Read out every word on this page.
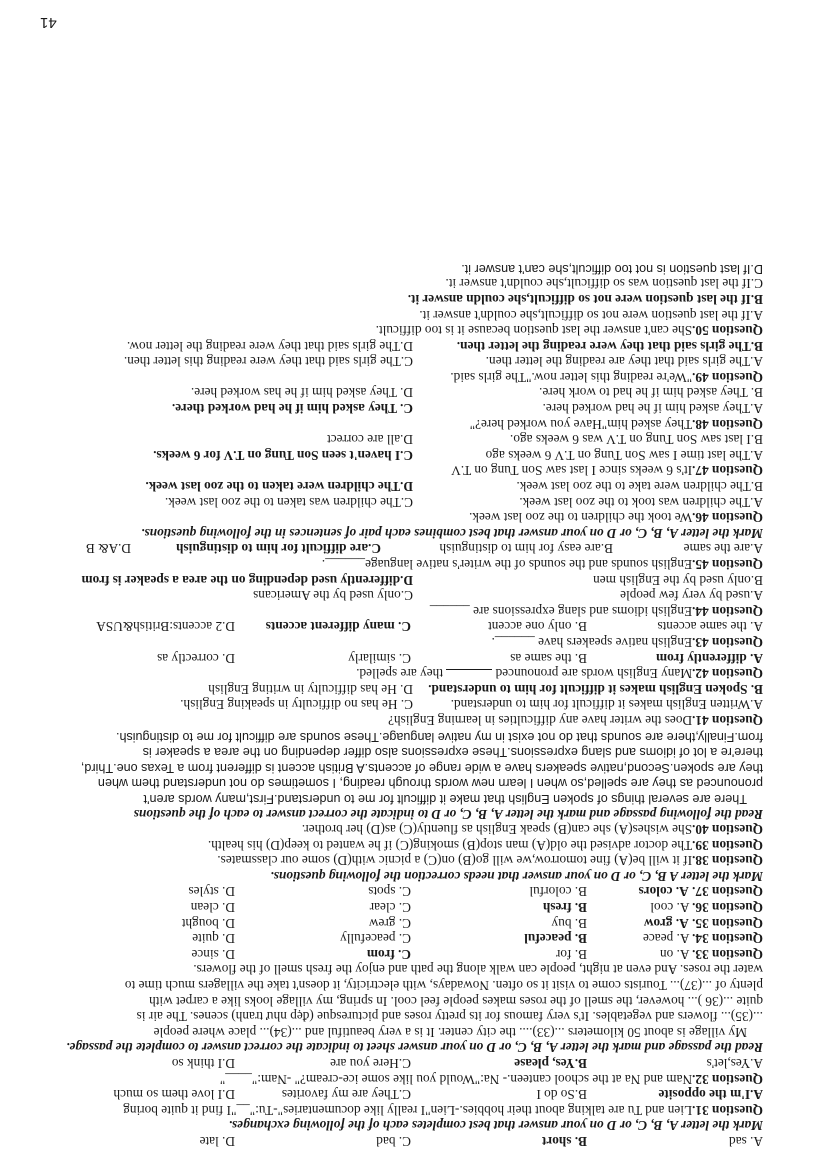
41
A. sad
B. short
C. bad
D. late
Mark the letter A, B, C, or D on your answer that best completes each of the following exchanges.
Question 31.Lien and Tu are talking about their hobbies.-Lien"I really like documentaries"-Tu:"__"I find it quite boring
A.I'm the opposite
B.So do I
C.They are my favorites
D.I love them so much
Question 32.Nam and Na at the school canteen.- Na:"Would you like some ice-cream?" -Nam:"____"
A.Yes,let's
B.Yes, please
C.Here you are
D.I think so
Read the passage and mark the letter A, B, C, or D on your answer sheet to indicate the correct answer to complete the passage.
My village is about 50 kilometers ...(33).... the city center. It is a very beautiful and ...(34)... place where people
...(35)... flowers and vegetables. It's very famous for its pretty roses and picturesque (đẹp như tranh) scenes. The air is
quite ...(36 )... however, the smell of the roses makes people feel cool. In spring, my village looks like a carpet with
plenty of ...(37)... Tourists come to visit it so often. Nowadays, with electricity, it doesn't take the villagers much time to
water the roses. And even at night, people can walk along the path and enjoy the fresh smell of the flowers.
Question 33. A. on
B. for
C. from
D. since
Question 34. A. peace
B. peaceful
C. peacefully
D. quite
Question 35. A. grow
B. buy
C. grew
D. bought
Question 36. A. cool
B. fresh
C. clear
D. clean
Question 37. A. colors
B. colorful
C. spots
D. styles
Mark the letter A B, C, or D on your answer that needs correction the following questions.
Question 38.If it will be(A) fine tomorrow,we will go(B) on(C) a picnic with(D) some our classmates.
Question 39.The doctor advised the old(A) man stop(B) smoking(C) if he wanted to keep(D) his health.
Question 40.She wishes(A) she can(B) speak English as fluently(C) as(D) her brother.
Read the following passage and mark the letter A, B, C, or D to indicate the correct answer to each of the questions
There are several things of spoken English that make it difficult for me to understand.First,many words aren't
pronounced as they are spelled,so when I learn new words through reading, I sometimes do not understand them when
they are spoken.Second,native speakers have a wide range of accents.A British accent is different from a Texas one.Third,
there're a lot of idioms and slang expressions.These expressions also differ depending on the area a speaker is
from.Finally,there are sounds that do not exist in my native language.These sounds are difficult for me to distinguish.
Question 41.Does the writer have any difficulties in learning English?
A.Written English makes it difficult for him to understand.
C. He has no difficulty in speaking English.
B. Spoken English makes it difficult for him to understand.
D. He has difficulty in writing English
Question 42.Many English words are pronounced  they are spelled.
A. differently from
B. the same as
C. similarly
D. correctly as
Question 43.English native speakers have ______.
A. the same accents
B. only one accent
C. many different accents
D.2 accents:British&USA
Question 44.English idioms and slang expressions are ______
A.used by very few people
C.only used by the Americans
B.only used by the English men
D.differently used depending on the area a speaker is from
Question 45.English sounds and the sounds of the writer's native language______.
A.are the same
B.are easy for him to distinguish
C.are difficult for him to distinguish
D.A& B
Mark the letter A, B, C, or D on your answer that best combines each pair of sentences in the following questions.
Question 46.We took the children to the zoo last week.
A.The children was took to the zoo last week.
C.The children was taken to the zoo last week.
B.The children were take to the zoo last week.
D.The children were taken to the zoo last week.
Question 47.It's 6 weeks since I last saw Son Tung on T.V
A.The last time I saw Son Tung on T.V 6 weeks ago
C.I haven't seen Son Tung on T.V for 6 weeks.
B.I last saw Son Tung on T.V was 6 weeks ago.
D.all are correct
Question 48.They asked him"Have you worked here?"
A.They asked him if he had worked here.
C. They asked him if he had worked there.
B. They asked him if he had to work here.
D. They asked him if he has worked here.
Question 49."We're reading this letter now."The girls said.
A.The girls said that they are reading the letter then.
C.The girls said that they were reading this letter then.
B.The girls said that they were reading the letter then.
D.The girls said that they were reading the letter now.
Question 50.She can't answer the last question because it is too difficult.
A.If the last question were not so difficult,she couldn't answer it.
B.If the last question were not so difficult,she couldn answer it.
C.If the last question was so difficult,she couldn't answer it.
D.If last question is not too difficult,she can't answer it.
